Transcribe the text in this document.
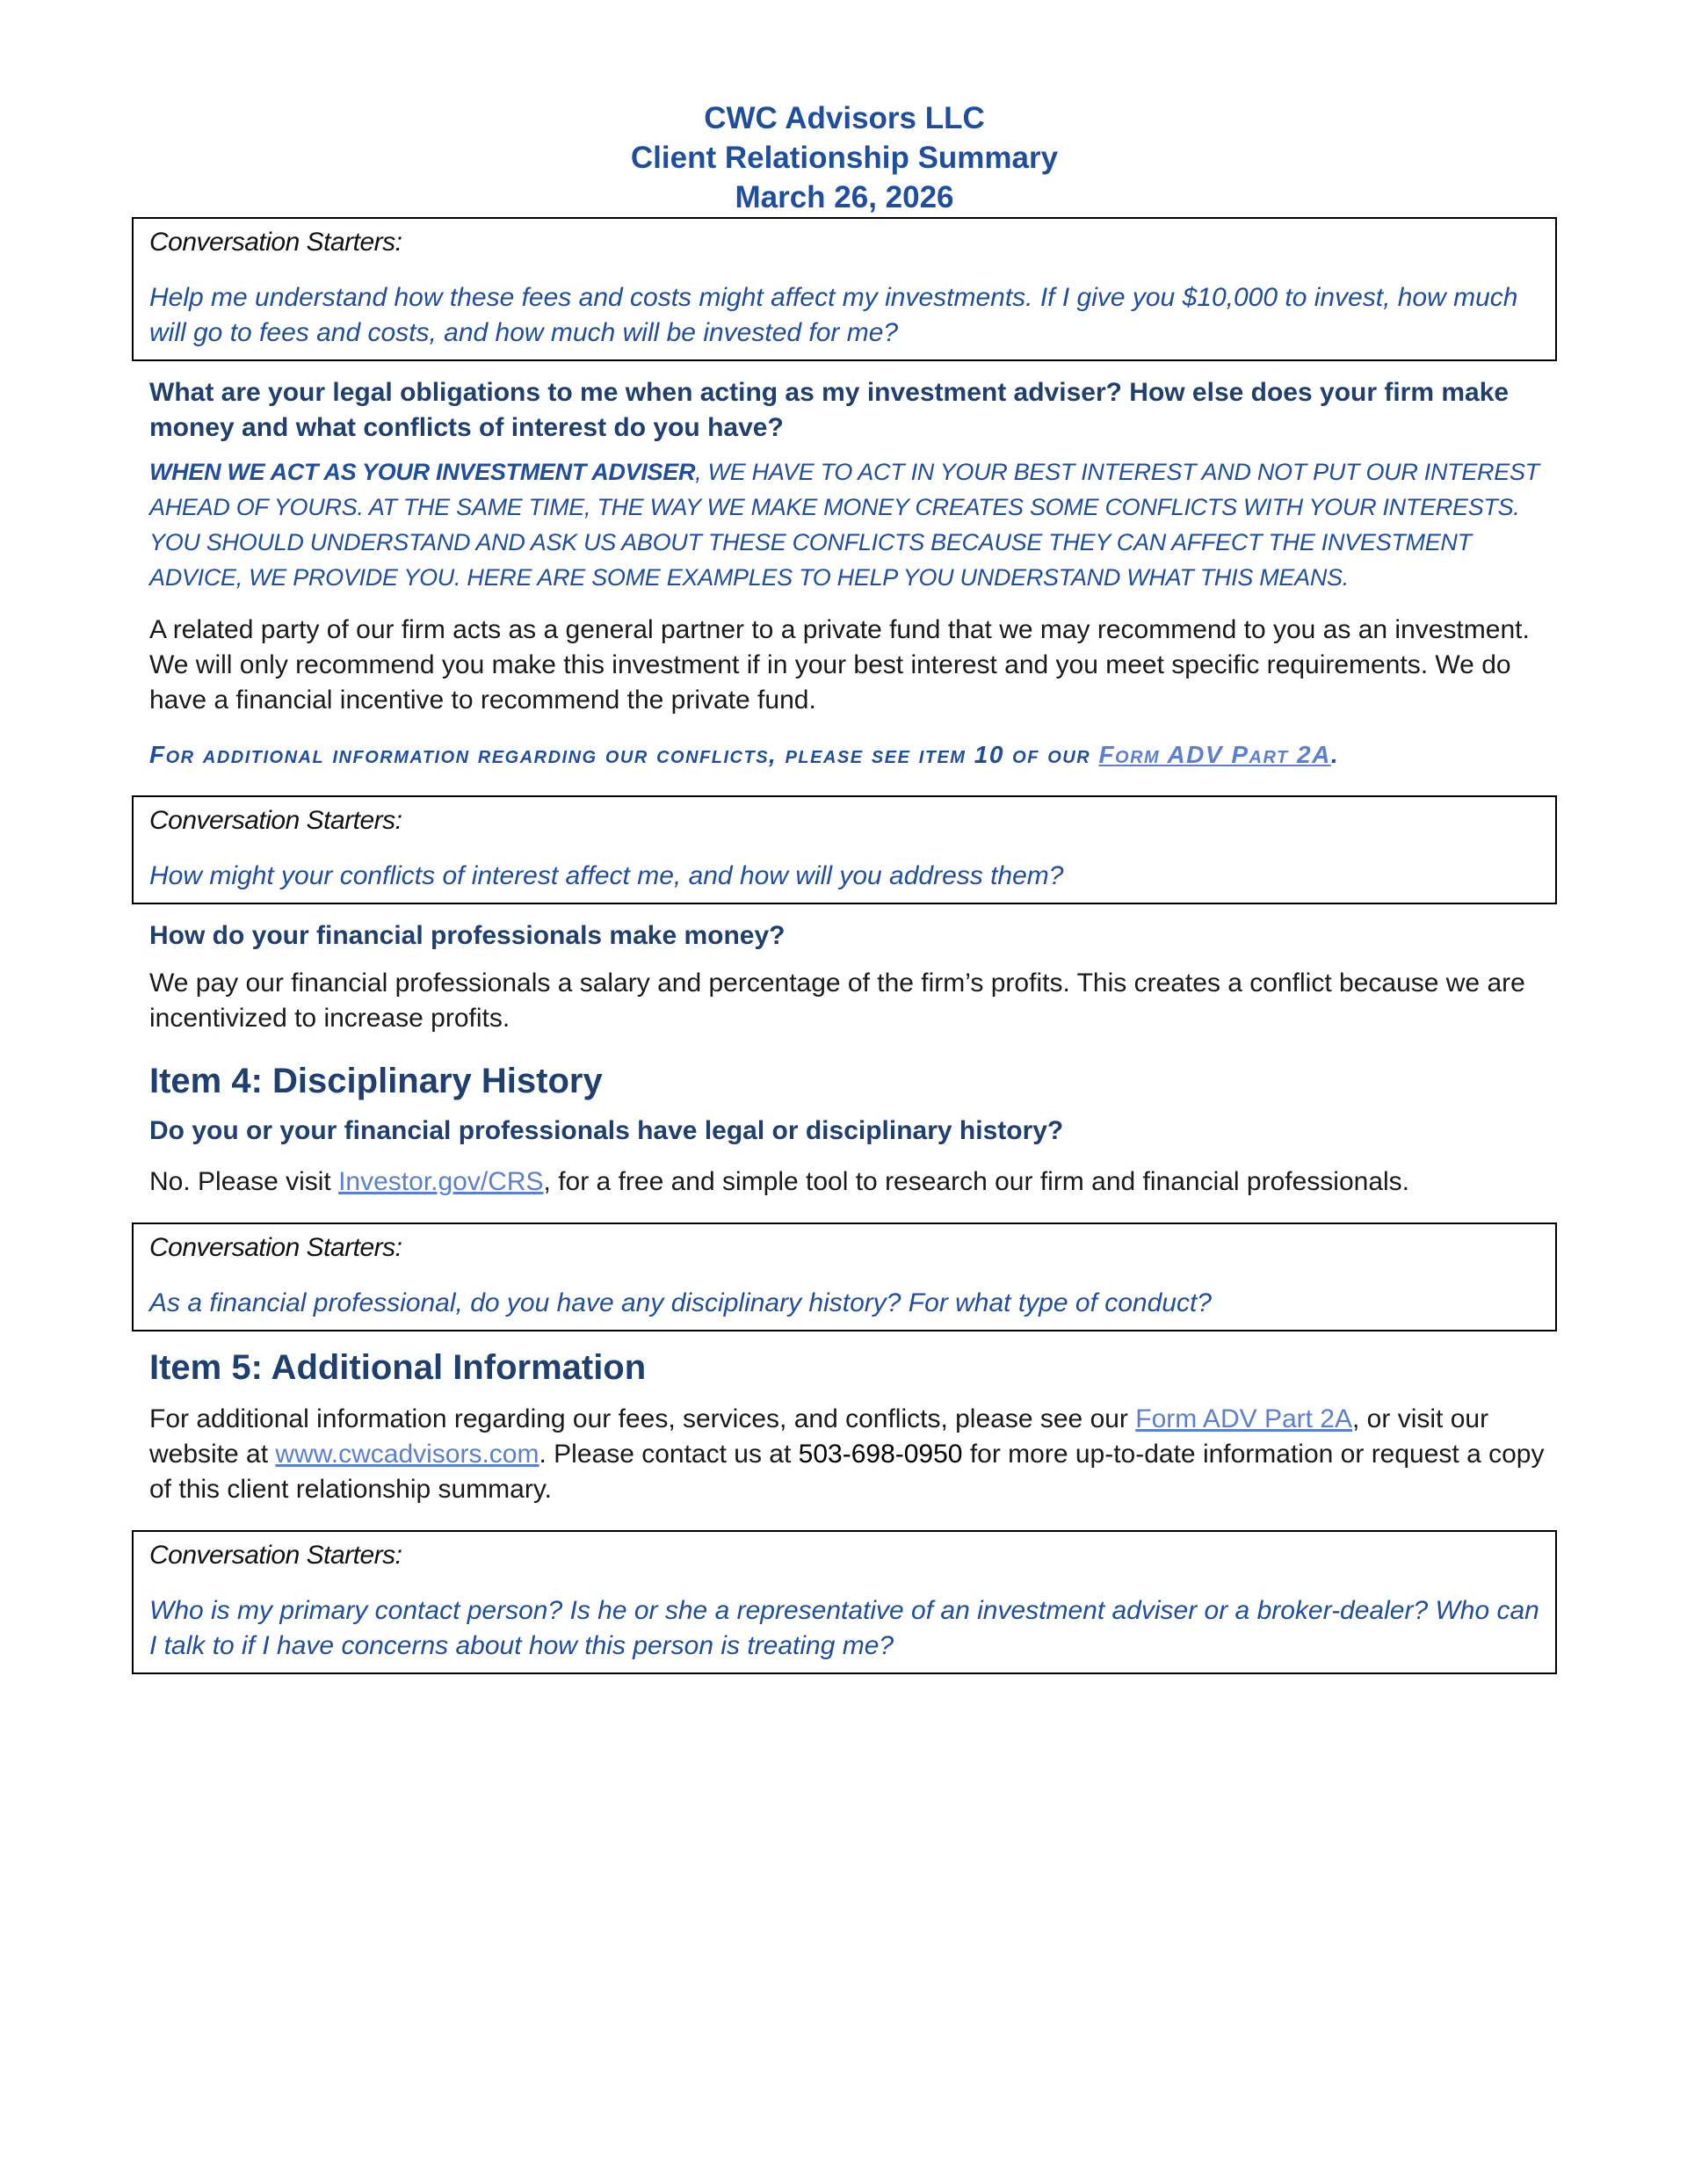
CWC Advisors LLC
Client Relationship Summary
March 26, 2026
Conversation Starters:
Help me understand how these fees and costs might affect my investments. If I give you $10,000 to invest, how much will go to fees and costs, and how much will be invested for me?
What are your legal obligations to me when acting as my investment adviser? How else does your firm make money and what conflicts of interest do you have?
WHEN WE ACT AS YOUR INVESTMENT ADVISER, WE HAVE TO ACT IN YOUR BEST INTEREST AND NOT PUT OUR INTEREST AHEAD OF YOURS. AT THE SAME TIME, THE WAY WE MAKE MONEY CREATES SOME CONFLICTS WITH YOUR INTERESTS. YOU SHOULD UNDERSTAND AND ASK US ABOUT THESE CONFLICTS BECAUSE THEY CAN AFFECT THE INVESTMENT ADVICE, WE PROVIDE YOU. HERE ARE SOME EXAMPLES TO HELP YOU UNDERSTAND WHAT THIS MEANS.
A related party of our firm acts as a general partner to a private fund that we may recommend to you as an investment. We will only recommend you make this investment if in your best interest and you meet specific requirements. We do have a financial incentive to recommend the private fund.
For additional information regarding our conflicts, please see item 10 of our Form ADV Part 2A.
Conversation Starters:
How might your conflicts of interest affect me, and how will you address them?
How do your financial professionals make money?
We pay our financial professionals a salary and percentage of the firm’s profits. This creates a conflict because we are incentivized to increase profits.
Item 4: Disciplinary History
Do you or your financial professionals have legal or disciplinary history?
No. Please visit Investor.gov/CRS, for a free and simple tool to research our firm and financial professionals.
Conversation Starters:
As a financial professional, do you have any disciplinary history? For what type of conduct?
Item 5: Additional Information
For additional information regarding our fees, services, and conflicts, please see our Form ADV Part 2A, or visit our website at www.cwcadvisors.com. Please contact us at 503-698-0950 for more up-to-date information or request a copy of this client relationship summary.
Conversation Starters:
Who is my primary contact person? Is he or she a representative of an investment adviser or a broker-dealer? Who can I talk to if I have concerns about how this person is treating me?
